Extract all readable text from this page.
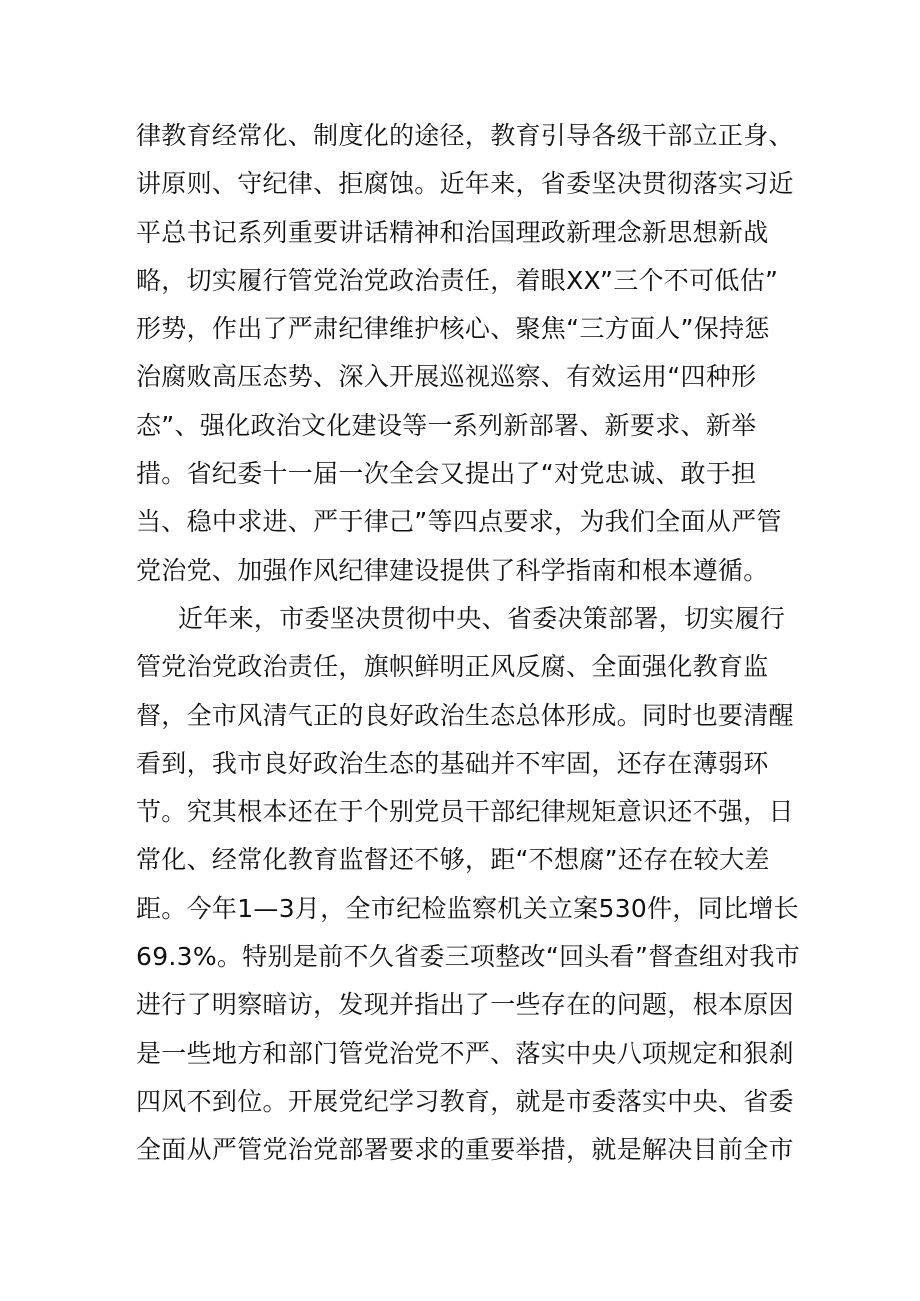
律教育经常化、制度化的途径，教育引导各级干部立正身、
讲原则、守纪律、拒腐蚀。近年来，省委坚决贯彻落实习近
平总书记系列重要讲话精神和治国理政新理念新思想新战
略，切实履行管党治党政治责任，着眼XX”三个不可低估”
形势，作出了严肃纪律维护核心、聚焦“三方面人”保持惩
治腐败高压态势、深入开展巡视巡察、有效运用“四种形
态”、强化政治文化建设等一系列新部署、新要求、新举
措。省纪委十一届一次全会又提出了“对党忠诚、敢于担
当、稳中求进、严于律己”等四点要求，为我们全面从严管
党治党、加强作风纪律建设提供了科学指南和根本遵循。
近年来，市委坚决贯彻中央、省委决策部署，切实履行
管党治党政治责任，旗帜鲜明正风反腐、全面强化教育监
督，全市风清气正的良好政治生态总体形成。同时也要清醒
看到，我市良好政治生态的基础并不牢固，还存在薄弱环
节。究其根本还在于个别党员干部纪律规矩意识还不强，日
常化、经常化教育监督还不够，距“不想腐”还存在较大差
距。今年1—3月，全市纪检监察机关立案530件，同比增长
69.3%。特别是前不久省委三项整改“回头看”督查组对我市
进行了明察暗访，发现并指出了一些存在的问题，根本原因
是一些地方和部门管党治党不严、落实中央八项规定和狠刹
四风不到位。开展党纪学习教育，就是市委落实中央、省委
全面从严管党治党部署要求的重要举措，就是解决目前全市
